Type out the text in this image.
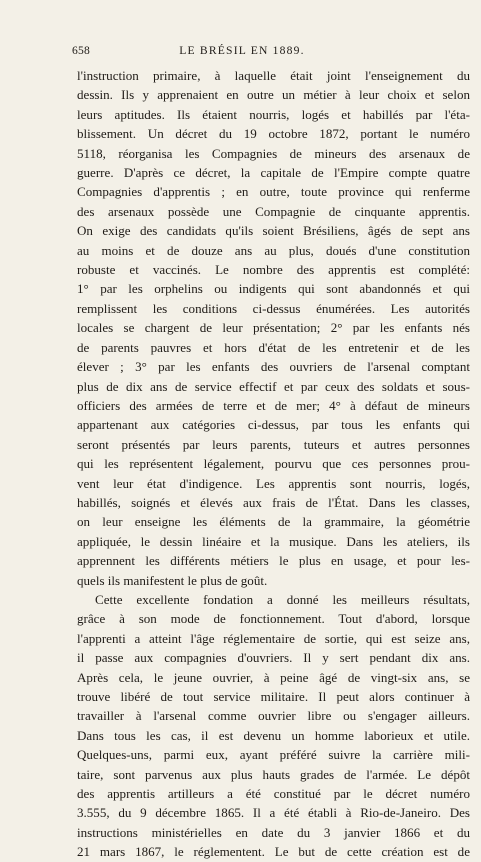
658	LE BRÉSIL EN 1889.
l'instruction primaire, à laquelle était joint l'enseignement du
dessin. Ils y apprenaient en outre un métier à leur choix et selon
leurs aptitudes. Ils étaient nourris, logés et habillés par l'éta-
blissement. Un décret du 19 octobre 1872, portant le numéro
5118, réorganisa les Compagnies de mineurs des arsenaux de
guerre. D'après ce décret, la capitale de l'Empire compte quatre
Compagnies d'apprentis ; en outre, toute province qui renferme
des arsenaux possède une Compagnie de cinquante apprentis.
On exige des candidats qu'ils soient Brésiliens, âgés de sept ans
au moins et de douze ans au plus, doués d'une constitution
robuste et vaccinés. Le nombre des apprentis est complété:
1° par les orphelins ou indigents qui sont abandonnés et qui
remplissent les conditions ci-dessus énumérées. Les autorités
locales se chargent de leur présentation; 2° par les enfants nés
de parents pauvres et hors d'état de les entretenir et de les
élever ; 3° par les enfants des ouvriers de l'arsenal comptant
plus de dix ans de service effectif et par ceux des soldats et sous-
officiers des armées de terre et de mer; 4° à défaut de mineurs
appartenant aux catégories ci-dessus, par tous les enfants qui
seront présentés par leurs parents, tuteurs et autres personnes
qui les représentent légalement, pourvu que ces personnes prou-
vent leur état d'indigence. Les apprentis sont nourris, logés,
habillés, soignés et élevés aux frais de l'État. Dans les classes,
on leur enseigne les éléments de la grammaire, la géométrie
appliquée, le dessin linéaire et la musique. Dans les ateliers, ils
apprennent les différents métiers le plus en usage, et pour les-
quels ils manifestent le plus de goût.
Cette excellente fondation a donné les meilleurs résultats,
grâce à son mode de fonctionnement. Tout d'abord, lorsque
l'apprenti a atteint l'âge réglementaire de sortie, qui est seize ans,
il passe aux compagnies d'ouvriers. Il y sert pendant dix ans.
Après cela, le jeune ouvrier, à peine âgé de vingt-six ans, se
trouve libéré de tout service militaire. Il peut alors continuer à
travailler à l'arsenal comme ouvrier libre ou s'engager ailleurs.
Dans tous les cas, il est devenu un homme laborieux et utile.
Quelques-uns, parmi eux, ayant préféré suivre la carrière mili-
taire, sont parvenus aux plus hauts grades de l'armée. Le dépôt
des apprentis artilleurs a été constitué par le décret numéro
3.555, du 9 décembre 1865. Il a été établi à Rio-de-Janeiro. Des
instructions ministérielles en date du 3 janvier 1866 et du
21 mars 1867, le réglementent. Le but de cette création est de
